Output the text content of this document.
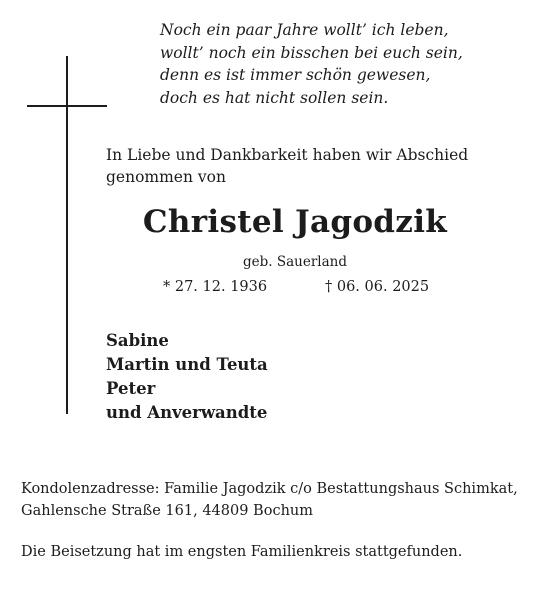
Noch ein paar Jahre wollt’ ich leben,
wollt’ noch ein bisschen bei euch sein,
denn es ist immer schön gewesen,
doch es hat nicht sollen sein.
In Liebe und Dankbarkeit haben wir Abschied
genommen von
Christel Jagodzik
geb. Sauerland
* 27. 12. 1936	† 06. 06. 2025
Sabine
Martin und Teuta
Peter
und Anverwandte
Kondolenzadresse: Familie Jagodzik c/o Bestattungshaus Schimkat,
Gahlensche Straße 161, 44809 Bochum
Die Beisetzung hat im engsten Familienkreis stattgefunden.
